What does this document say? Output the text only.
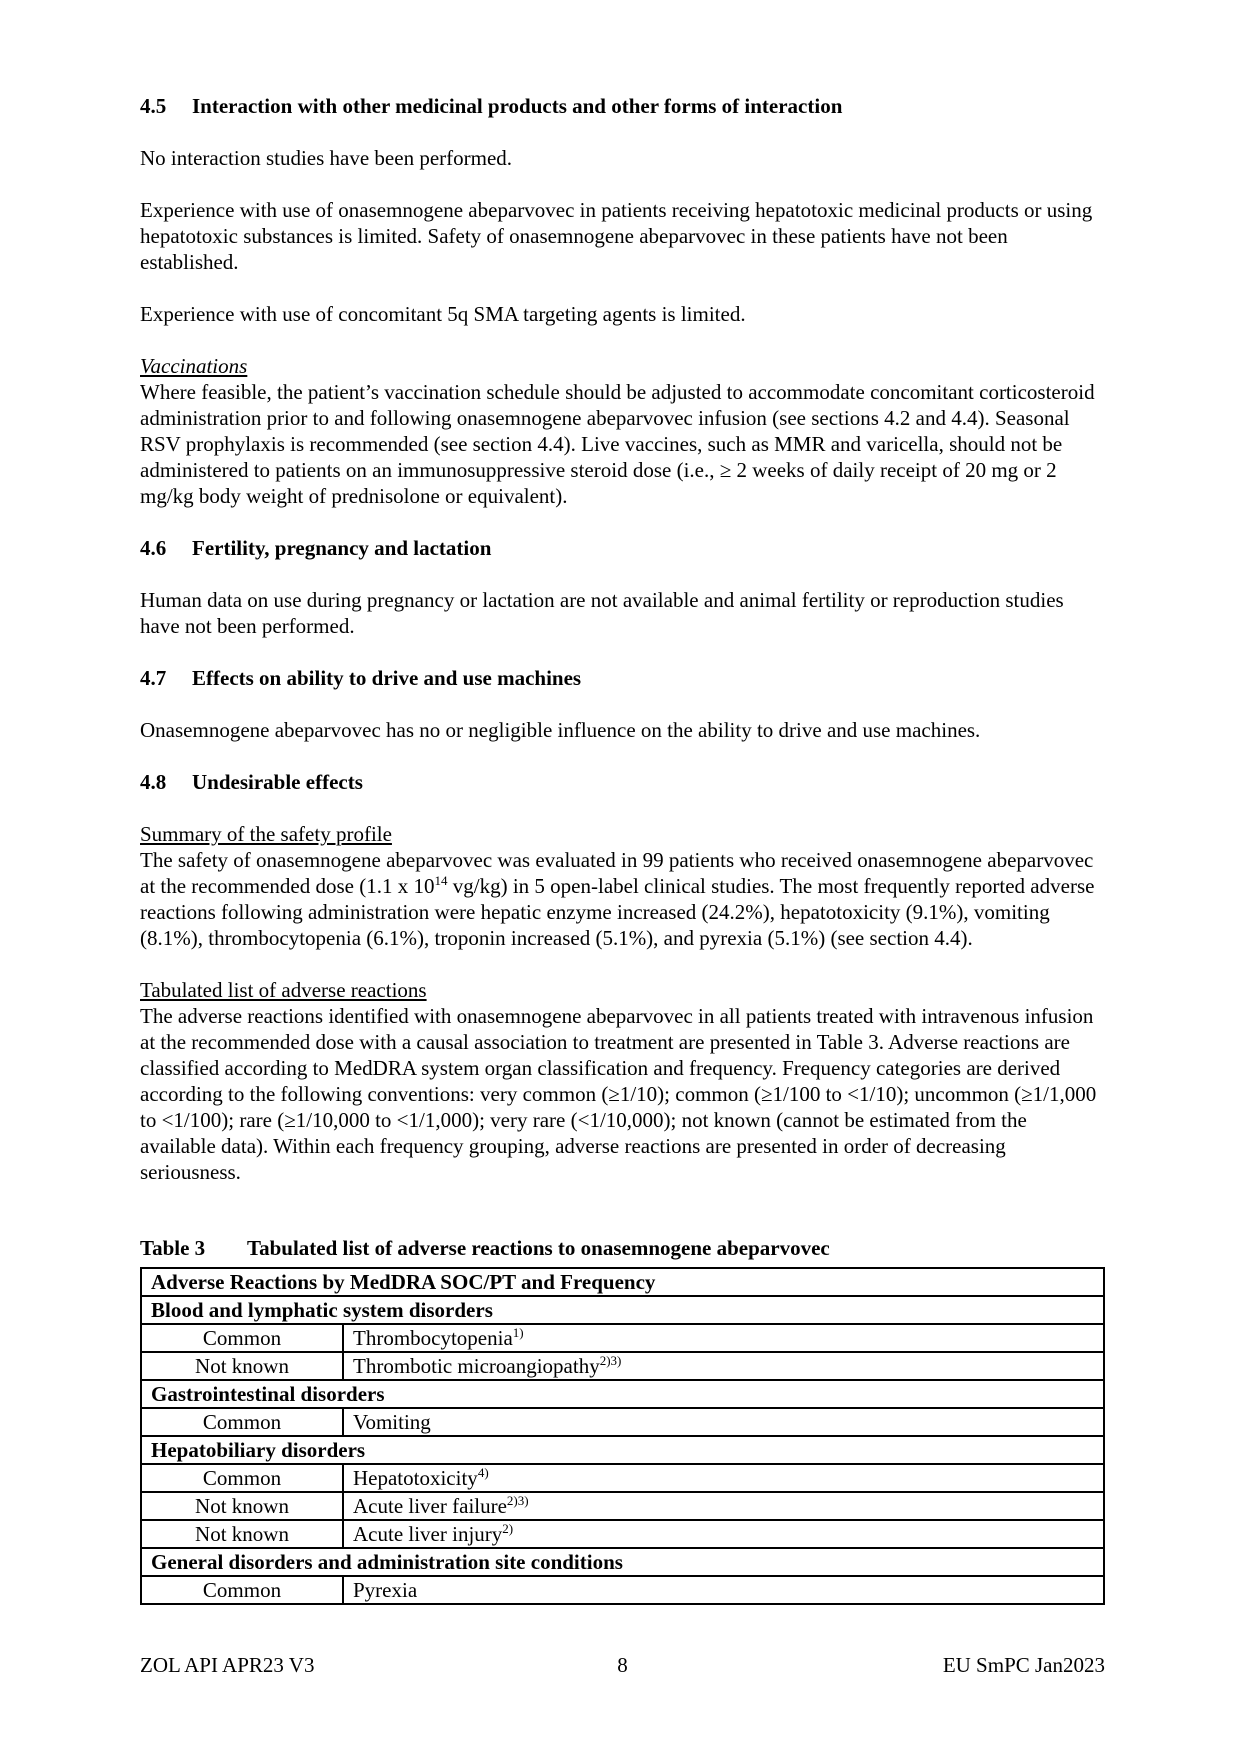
4.5 Interaction with other medicinal products and other forms of interaction

No interaction studies have been performed.

Experience with use of onasemnogene abeparvovec in patients receiving hepatotoxic medicinal products or using hepatotoxic substances is limited. Safety of onasemnogene abeparvovec in these patients have not been established.

Experience with use of concomitant 5q SMA targeting agents is limited.

Vaccinations

Where feasible, the patient’s vaccination schedule should be adjusted to accommodate concomitant corticosteroid administration prior to and following onasemnogene abeparvovec infusion (see sections 4.2 and 4.4). Seasonal RSV prophylaxis is recommended (see section 4.4). Live vaccines, such as MMR and varicella, should not be administered to patients on an immunosuppressive steroid dose (i.e., ≥ 2 weeks of daily receipt of 20 mg or 2 mg/kg body weight of prednisolone or equivalent).

4.6 Fertility, pregnancy and lactation

Human data on use during pregnancy or lactation are not available and animal fertility or reproduction studies have not been performed.

4.7 Effects on ability to drive and use machines

Onasemnogene abeparvovec has no or negligible influence on the ability to drive and use machines.

4.8 Undesirable effects
Summary of the safety profile

The safety of onasemnogene abeparvovec was evaluated in 99 patients who received onasemnogene abeparvovec at the recommended dose (1.1 x $10^{14}$ vg/kg) in 5 open-label clinical studies. The most frequently reported adverse reactions following administration were hepatic enzyme increased (24.2%), hepatotoxicity (9.1%), vomiting (8.1%), thrombocytopenia (6.1%), troponin increased (5.1%), and pyrexia (5.1%) (see section 4.4).

Tabulated list of adverse reactions

The adverse reactions identified with onasemnogene abeparvovec in all patients treated with intravenous infusion at the recommended dose with a causal association to treatment are presented in Table 3. Adverse reactions are classified according to MedDRA system organ classification and frequency. Frequency categories are derived according to the following conventions: very common (≥1/10); common (≥1/100 to <1/10); uncommon (≥1/1,000 to <1/100); rare (≥1/10,000 to <1/1,000); very rare (<1/10,000); not known (cannot be estimated from the available data). Within each frequency grouping, adverse reactions are presented in order of decreasing seriousness.

Table 3 Tabulated list of adverse reactions to onasemnogene abeparvovec
Adverse Reactions by MedDRA SOC/PT and Frequency	
Blood and lymphatic system disorders	
Common	Thrombocytopenia$^{1)}$
Not known	Thrombotic microangiopathy$^{2)3)}$
Gastrointestinal disorders	
Common	Vomiting
Hepatobiliary disorders	
Common	Hepatotoxicity$^{4)}$
Not known	Acute liver failure$^{2)3)}$
Not known	Acute liver injury$^{2)}$
General disorders and administration site conditions	
Common	Pyrexia
8
ZOL API APR23 V3	EU SmPC Jan2023
